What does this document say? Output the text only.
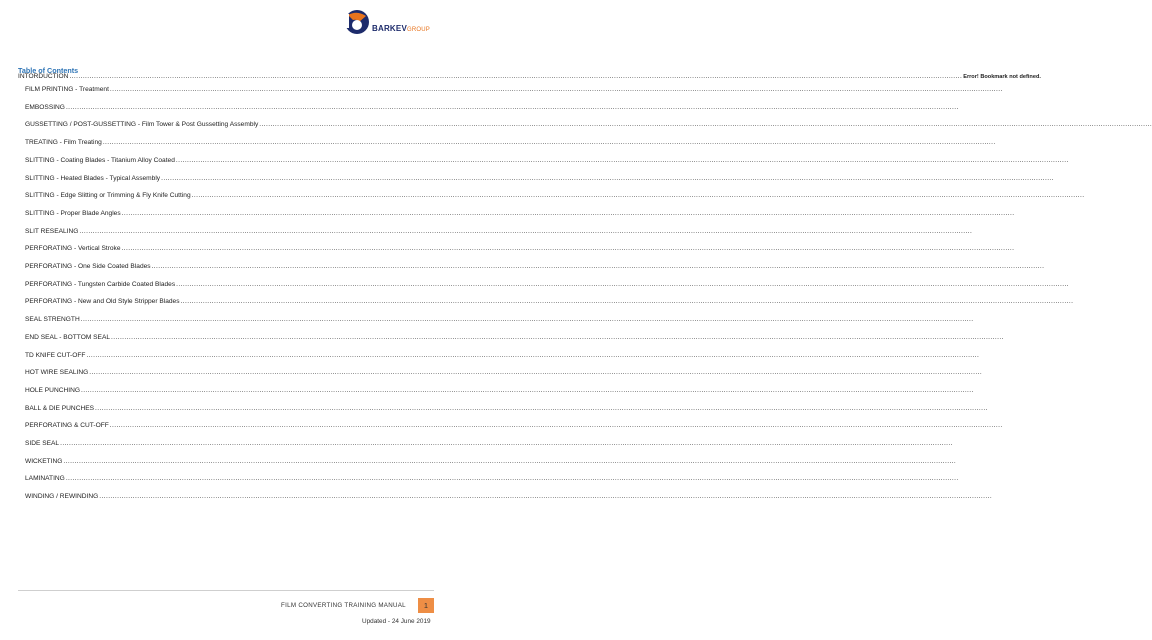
BARKEVGROUP
Table of Contents
INTORDUCTION ................................................................................................................................................................................................................................................................................................................................................................................................................ Error! Bookmark not defined.
FILM PRINTING - Treatment ................................................................................................................................................................................................................................................................................................................................................................................................................
EMBOSSING ................................................................................................................................................................................................................................................................................................................................................................................................................
GUSSETTING / POST-GUSSETTING - Film Tower & Post Gussetting Assembly ................................................................................................................................................................................................................................................................................................................................................................................................................
TREATING - Film Treating ................................................................................................................................................................................................................................................................................................................................................................................................................
SLITTING - Coating Blades - Titanium Alloy Coated ................................................................................................................................................................................................................................................................................................................................................................................................................
SLITTING - Heated Blades - Typical Assembly ................................................................................................................................................................................................................................................................................................................................................................................................................
SLITTING - Edge Slitting or Trimming & Fly Knife Cutting ................................................................................................................................................................................................................................................................................................................................................................................................................
SLITTING - Proper Blade Angles ................................................................................................................................................................................................................................................................................................................................................................................................................
SLIT RESEALING ................................................................................................................................................................................................................................................................................................................................................................................................................
PERFORATING - Vertical Stroke ................................................................................................................................................................................................................................................................................................................................................................................................................
PERFORATING - One Side Coated Blades ................................................................................................................................................................................................................................................................................................................................................................................................................
PERFORATING - Tungsten Carbide Coated Blades ................................................................................................................................................................................................................................................................................................................................................................................................................
PERFORATING - New and Old Style Stripper Blades ................................................................................................................................................................................................................................................................................................................................................................................................................
SEAL STRENGTH ................................................................................................................................................................................................................................................................................................................................................................................................................
END SEAL - BOTTOM SEAL ................................................................................................................................................................................................................................................................................................................................................................................................................
TD KNIFE CUT-OFF ................................................................................................................................................................................................................................................................................................................................................................................................................
HOT WIRE SEALING ................................................................................................................................................................................................................................................................................................................................................................................................................
HOLE PUNCHING ................................................................................................................................................................................................................................................................................................................................................................................................................
BALL & DIE PUNCHES ................................................................................................................................................................................................................................................................................................................................................................................................................
PERFORATING & CUT-OFF ................................................................................................................................................................................................................................................................................................................................................................................................................
SIDE SEAL ................................................................................................................................................................................................................................................................................................................................................................................................................
WICKETING ................................................................................................................................................................................................................................................................................................................................................................................................................
LAMINATING ................................................................................................................................................................................................................................................................................................................................................................................................................
WINDING / REWINDING ................................................................................................................................................................................................................................................................................................................................................................................................................
FILM CONVERTING TRAINING MANUAL	1
Updated - 24 June 2019
